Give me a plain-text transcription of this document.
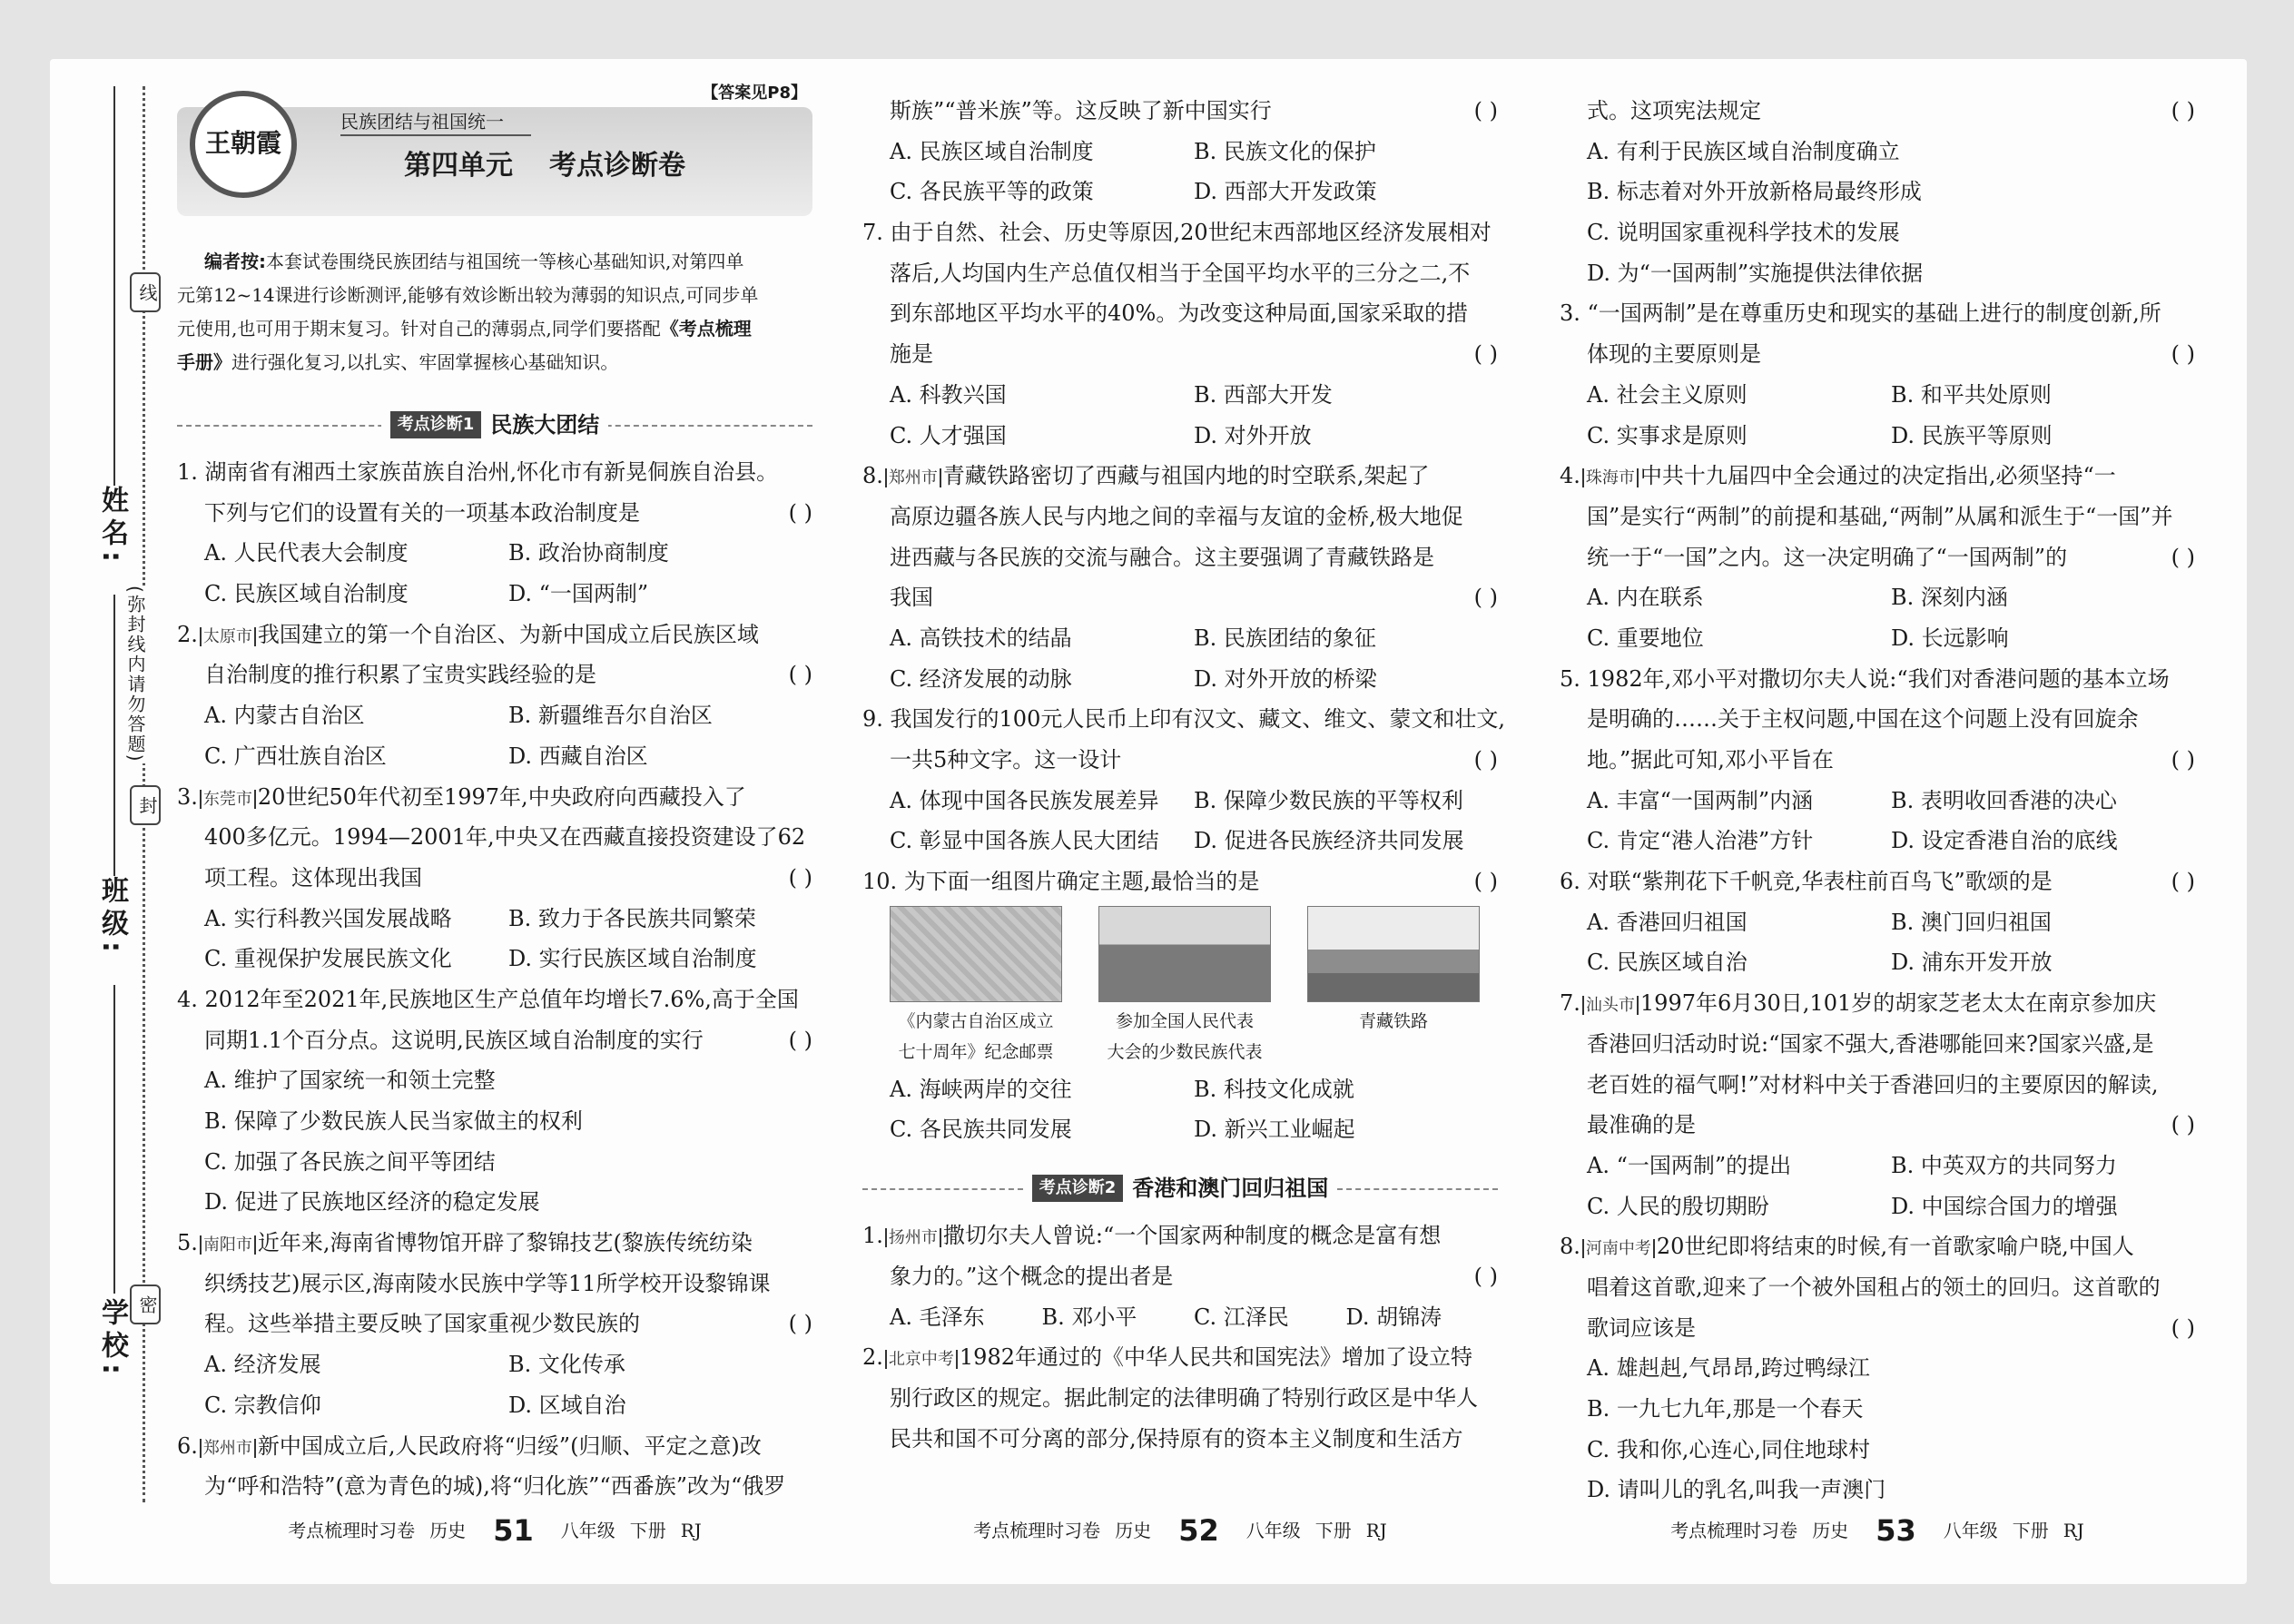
姓名:
班级:
学校:
线
封
密
(弥封线内请勿答题)
王朝霞
民族团结与祖国统一
第四单元 考点诊断卷
【答案见P8】
编者按:本套试卷围绕民族团结与祖国统一等核心基础知识,对第四单
元第12~14课进行诊断测评,能够有效诊断出较为薄弱的知识点,可同步单
元使用,也可用于期末复习。针对自己的薄弱点,同学们要搭配《考点梳理
手册》进行强化复习,以扎实、牢固掌握核心基础知识。
考点诊断1 民族大团结
1. 湖南省有湘西土家族苗族自治州,怀化市有新晃侗族自治县。
下列与它们的设置有关的一项基本政治制度是	( )
A. 人民代表大会制度	B. 政治协商制度
C. 民族区域自治制度	D. “一国两制”
2. 太原市 我国建立的第一个自治区、为新中国成立后民族区域
自治制度的推行积累了宝贵实践经验的是	( )
A. 内蒙古自治区	B. 新疆维吾尔自治区
C. 广西壮族自治区	D. 西藏自治区
3. 东莞市 20世纪50年代初至1997年,中央政府向西藏投入了
400多亿元。1994—2001年,中央又在西藏直接投资建设了62
项工程。这体现出我国	( )
A. 实行科教兴国发展战略	B. 致力于各民族共同繁荣
C. 重视保护发展民族文化	D. 实行民族区域自治制度
4. 2012年至2021年,民族地区生产总值年均增长7.6%,高于全国
同期1.1个百分点。这说明,民族区域自治制度的实行	( )
A. 维护了国家统一和领土完整
B. 保障了少数民族人民当家做主的权利
C. 加强了各民族之间平等团结
D. 促进了民族地区经济的稳定发展
5. 南阳市 近年来,海南省博物馆开辟了黎锦技艺(黎族传统纺染
织绣技艺)展示区,海南陵水民族中学等11所学校开设黎锦课
程。这些举措主要反映了国家重视少数民族的	( )
A. 经济发展	B. 文化传承
C. 宗教信仰	D. 区域自治
6. 郑州市 新中国成立后,人民政府将“归绥”(归顺、平定之意)改
为“呼和浩特”(意为青色的城),将“归化族”“西番族”改为“俄罗
斯族”“普米族”等。这反映了新中国实行	( )
A. 民族区域自治制度	B. 民族文化的保护
C. 各民族平等的政策	D. 西部大开发政策
7. 由于自然、社会、历史等原因,20世纪末西部地区经济发展相对
落后,人均国内生产总值仅相当于全国平均水平的三分之二,不
到东部地区平均水平的40%。为改变这种局面,国家采取的措
施是	( )
A. 科教兴国	B. 西部大开发
C. 人才强国	D. 对外开放
8. 郑州市 青藏铁路密切了西藏与祖国内地的时空联系,架起了
高原边疆各族人民与内地之间的幸福与友谊的金桥,极大地促
进西藏与各民族的交流与融合。这主要强调了青藏铁路是
我国	( )
A. 高铁技术的结晶	B. 民族团结的象征
C. 经济发展的动脉	D. 对外开放的桥梁
9. 我国发行的100元人民币上印有汉文、藏文、维文、蒙文和壮文,
一共5种文字。这一设计	( )
A. 体现中国各民族发展差异	B. 保障少数民族的平等权利
C. 彰显中国各族人民大团结	D. 促进各民族经济共同发展
10. 为下面一组图片确定主题,最恰当的是	( )
《内蒙古自治区成立
七十周年》纪念邮票
参加全国人民代表
大会的少数民族代表
青藏铁路
A. 海峡两岸的交往	B. 科技文化成就
C. 各民族共同发展	D. 新兴工业崛起
考点诊断2 香港和澳门回归祖国
1. 扬州市 撒切尔夫人曾说:“一个国家两种制度的概念是富有想
象力的。”这个概念的提出者是	( )
A. 毛泽东	B. 邓小平	C. 江泽民	D. 胡锦涛
2. 北京中考 1982年通过的《中华人民共和国宪法》增加了设立特
别行政区的规定。据此制定的法律明确了特别行政区是中华人
民共和国不可分离的部分,保持原有的资本主义制度和生活方
式。这项宪法规定	( )
A. 有利于民族区域自治制度确立
B. 标志着对外开放新格局最终形成
C. 说明国家重视科学技术的发展
D. 为“一国两制”实施提供法律依据
3. “一国两制”是在尊重历史和现实的基础上进行的制度创新,所
体现的主要原则是	( )
A. 社会主义原则	B. 和平共处原则
C. 实事求是原则	D. 民族平等原则
4. 珠海市 中共十九届四中全会通过的决定指出,必须坚持“一
国”是实行“两制”的前提和基础,“两制”从属和派生于“一国”并
统一于“一国”之内。这一决定明确了“一国两制”的	( )
A. 内在联系	B. 深刻内涵
C. 重要地位	D. 长远影响
5. 1982年,邓小平对撒切尔夫人说:“我们对香港问题的基本立场
是明确的……关于主权问题,中国在这个问题上没有回旋余
地。”据此可知,邓小平旨在	( )
A. 丰富“一国两制”内涵	B. 表明收回香港的决心
C. 肯定“港人治港”方针	D. 设定香港自治的底线
6. 对联“紫荆花下千帆竞,华表柱前百鸟飞”歌颂的是	( )
A. 香港回归祖国	B. 澳门回归祖国
C. 民族区域自治	D. 浦东开发开放
7. 汕头市 1997年6月30日,101岁的胡家芝老太太在南京参加庆
香港回归活动时说:“国家不强大,香港哪能回来?国家兴盛,是
老百姓的福气啊!”对材料中关于香港回归的主要原因的解读,
最准确的是	( )
A. “一国两制”的提出	B. 中英双方的共同努力
C. 人民的殷切期盼	D. 中国综合国力的增强
8. 河南中考 20世纪即将结束的时候,有一首歌家喻户晓,中国人
唱着这首歌,迎来了一个被外国租占的领土的回归。这首歌的
歌词应该是	( )
A. 雄赳赳,气昂昂,跨过鸭绿江
B. 一九七九年,那是一个春天
C. 我和你,心连心,同住地球村
D. 请叫儿的乳名,叫我一声澳门
考点梳理时习卷 历史 51 八年级 下册 RJ	考点梳理时习卷 历史 52 八年级 下册 RJ	考点梳理时习卷 历史 53 八年级 下册 RJ
